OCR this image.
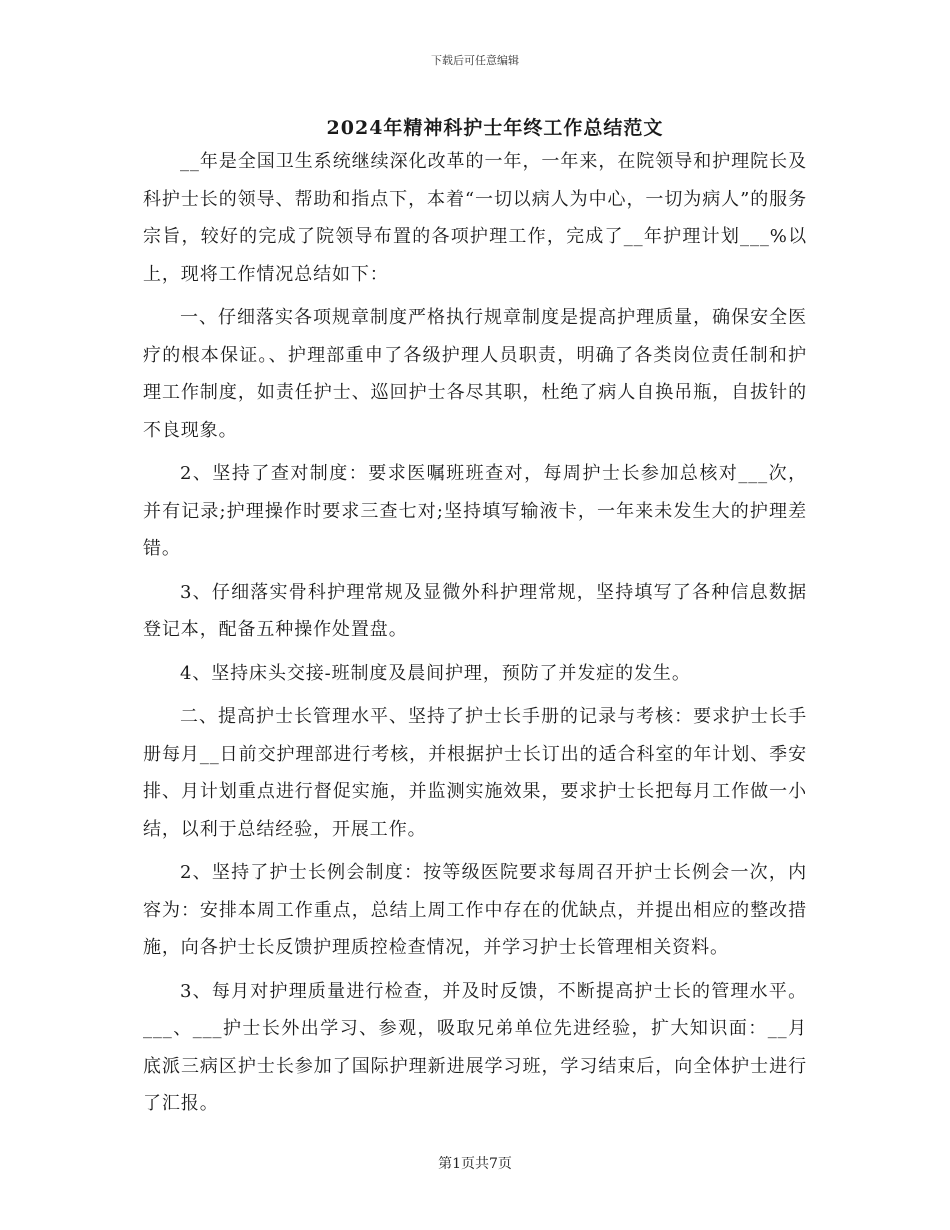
下载后可任意编辑
2024年精神科护士年终工作总结范文

__年是全国卫生系统继续深化改革的一年，一年来，在院领导和护理院长及科护士长的领导、帮助和指点下，本着“一切以病人为中心，一切为病人”的服务宗旨，较好的完成了院领导布置的各项护理工作，完成了__年护理计划___%以上，现将工作情况总结如下：

一、仔细落实各项规章制度严格执行规章制度是提高护理质量，确保安全医疗的根本保证。、护理部重申了各级护理人员职责，明确了各类岗位责任制和护理工作制度，如责任护士、巡回护士各尽其职，杜绝了病人自换吊瓶，自拔针的不良现象。

2、坚持了查对制度：要求医嘱班班查对，每周护士长参加总核对___次，并有记录;护理操作时要求三查七对;坚持填写输液卡，一年来未发生大的护理差错。

3、仔细落实骨科护理常规及显微外科护理常规，坚持填写了各种信息数据登记本，配备五种操作处置盘。

4、坚持床头交接-班制度及晨间护理，预防了并发症的发生。

二、提高护士长管理水平、坚持了护士长手册的记录与考核：要求护士长手册每月__日前交护理部进行考核，并根据护士长订出的适合科室的年计划、季安排、月计划重点进行督促实施，并监测实施效果，要求护士长把每月工作做一小结，以利于总结经验，开展工作。

2、坚持了护士长例会制度：按等级医院要求每周召开护士长例会一次，内容为：安排本周工作重点，总结上周工作中存在的优缺点，并提出相应的整改措施，向各护士长反馈护理质控检查情况，并学习护士长管理相关资料。

3、每月对护理质量进行检查，并及时反馈，不断提高护士长的管理水平。___、___护士长外出学习、参观，吸取兄弟单位先进经验，扩大知识面：__月底派三病区护士长参加了国际护理新进展学习班，学习结束后，向全体护士进行了汇报。

第1页共7页
